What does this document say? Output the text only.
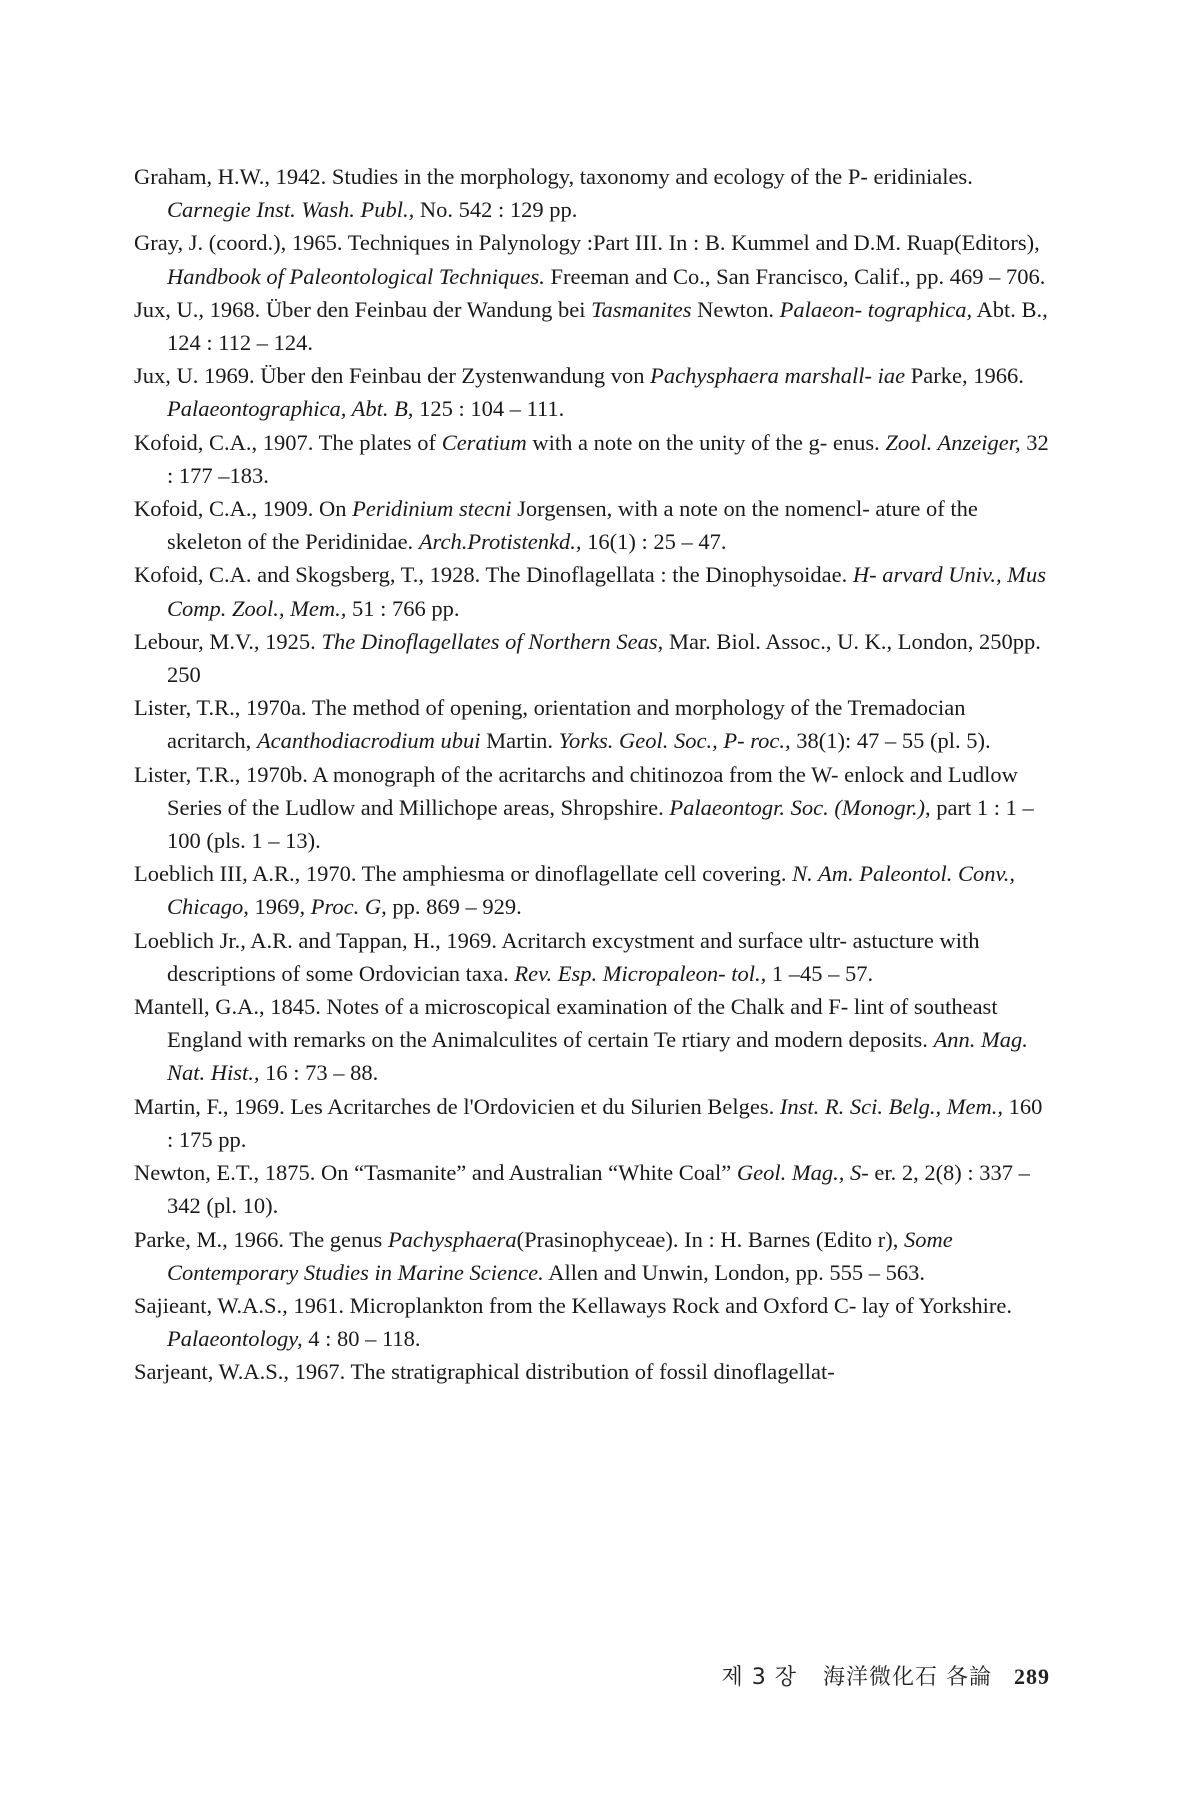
Graham, H.W., 1942. Studies in the morphology, taxonomy and ecology of the P- eridiniales. Carnegie Inst. Wash. Publ., No. 542 : 129 pp.

Gray, J. (coord.), 1965. Techniques in Palynology :Part III. In : B. Kummel and D.M. Ruap(Editors), Handbook of Paleontological Techniques. Freeman and Co., San Francisco, Calif., pp. 469 – 706.

Jux, U., 1968. Über den Feinbau der Wandung bei Tasmanites Newton. Palaeon- tographica, Abt. B., 124 : 112 – 124.

Jux, U. 1969. Über den Feinbau der Zystenwandung von Pachysphaera marshall- iae Parke, 1966. Palaeontographica, Abt. B, 125 : 104 – 111.

Kofoid, C.A., 1907. The plates of Ceratium with a note on the unity of the g- enus. Zool. Anzeiger, 32 : 177 –183.

Kofoid, C.A., 1909. On Peridinium stecni Jorgensen, with a note on the nomencl- ature of the skeleton of the Peridinidae. Arch.Protistenkd., 16(1) : 25 – 47.

Kofoid, C.A. and Skogsberg, T., 1928. The Dinoflagellata : the Dinophysoidae. H- arvard Univ., Mus Comp. Zool., Mem., 51 : 766 pp.

Lebour, M.V., 1925. The Dinoflagellates of Northern Seas, Mar. Biol. Assoc., U. K., London, 250pp. 250

Lister, T.R., 1970a. The method of opening, orientation and morphology of the Tremadocian acritarch, Acanthodiacrodium ubui Martin. Yorks. Geol. Soc., P- roc., 38(1): 47 – 55 (pl. 5).

Lister, T.R., 1970b. A monograph of the acritarchs and chitinozoa from the W- enlock and Ludlow Series of the Ludlow and Millichope areas, Shropshire. Palaeontogr. Soc. (Monogr.), part 1 : 1 – 100 (pls. 1 – 13).

Loeblich III, A.R., 1970. The amphiesma or dinoflagellate cell covering. N. Am. Paleontol. Conv., Chicago, 1969, Proc. G, pp. 869 – 929.

Loeblich Jr., A.R. and Tappan, H., 1969. Acritarch excystment and surface ultr- astucture with descriptions of some Ordovician taxa. Rev. Esp. Micropaleon- tol., 1 –45 – 57.

Mantell, G.A., 1845. Notes of a microscopical examination of the Chalk and F- lint of southeast England with remarks on the Animalculites of certain Te rtiary and modern deposits. Ann. Mag. Nat. Hist., 16 : 73 – 88.

Martin, F., 1969. Les Acritarches de l'Ordovicien et du Silurien Belges. Inst. R. Sci. Belg., Mem., 160 : 175 pp.

Newton, E.T., 1875. On “Tasmanite” and Australian “White Coal” Geol. Mag., S- er. 2, 2(8) : 337 – 342 (pl. 10).

Parke, M., 1966. The genus Pachysphaera(Prasinophyceae). In : H. Barnes (Edito r), Some Contemporary Studies in Marine Science. Allen and Unwin, London, pp. 555 – 563.

Sajieant, W.A.S., 1961. Microplankton from the Kellaways Rock and Oxford C- lay of Yorkshire. Palaeontology, 4 : 80 – 118.

Sarjeant, W.A.S., 1967. The stratigraphical distribution of fossil dinoflagellat-

제 3 장 海洋微化石 各論 289
